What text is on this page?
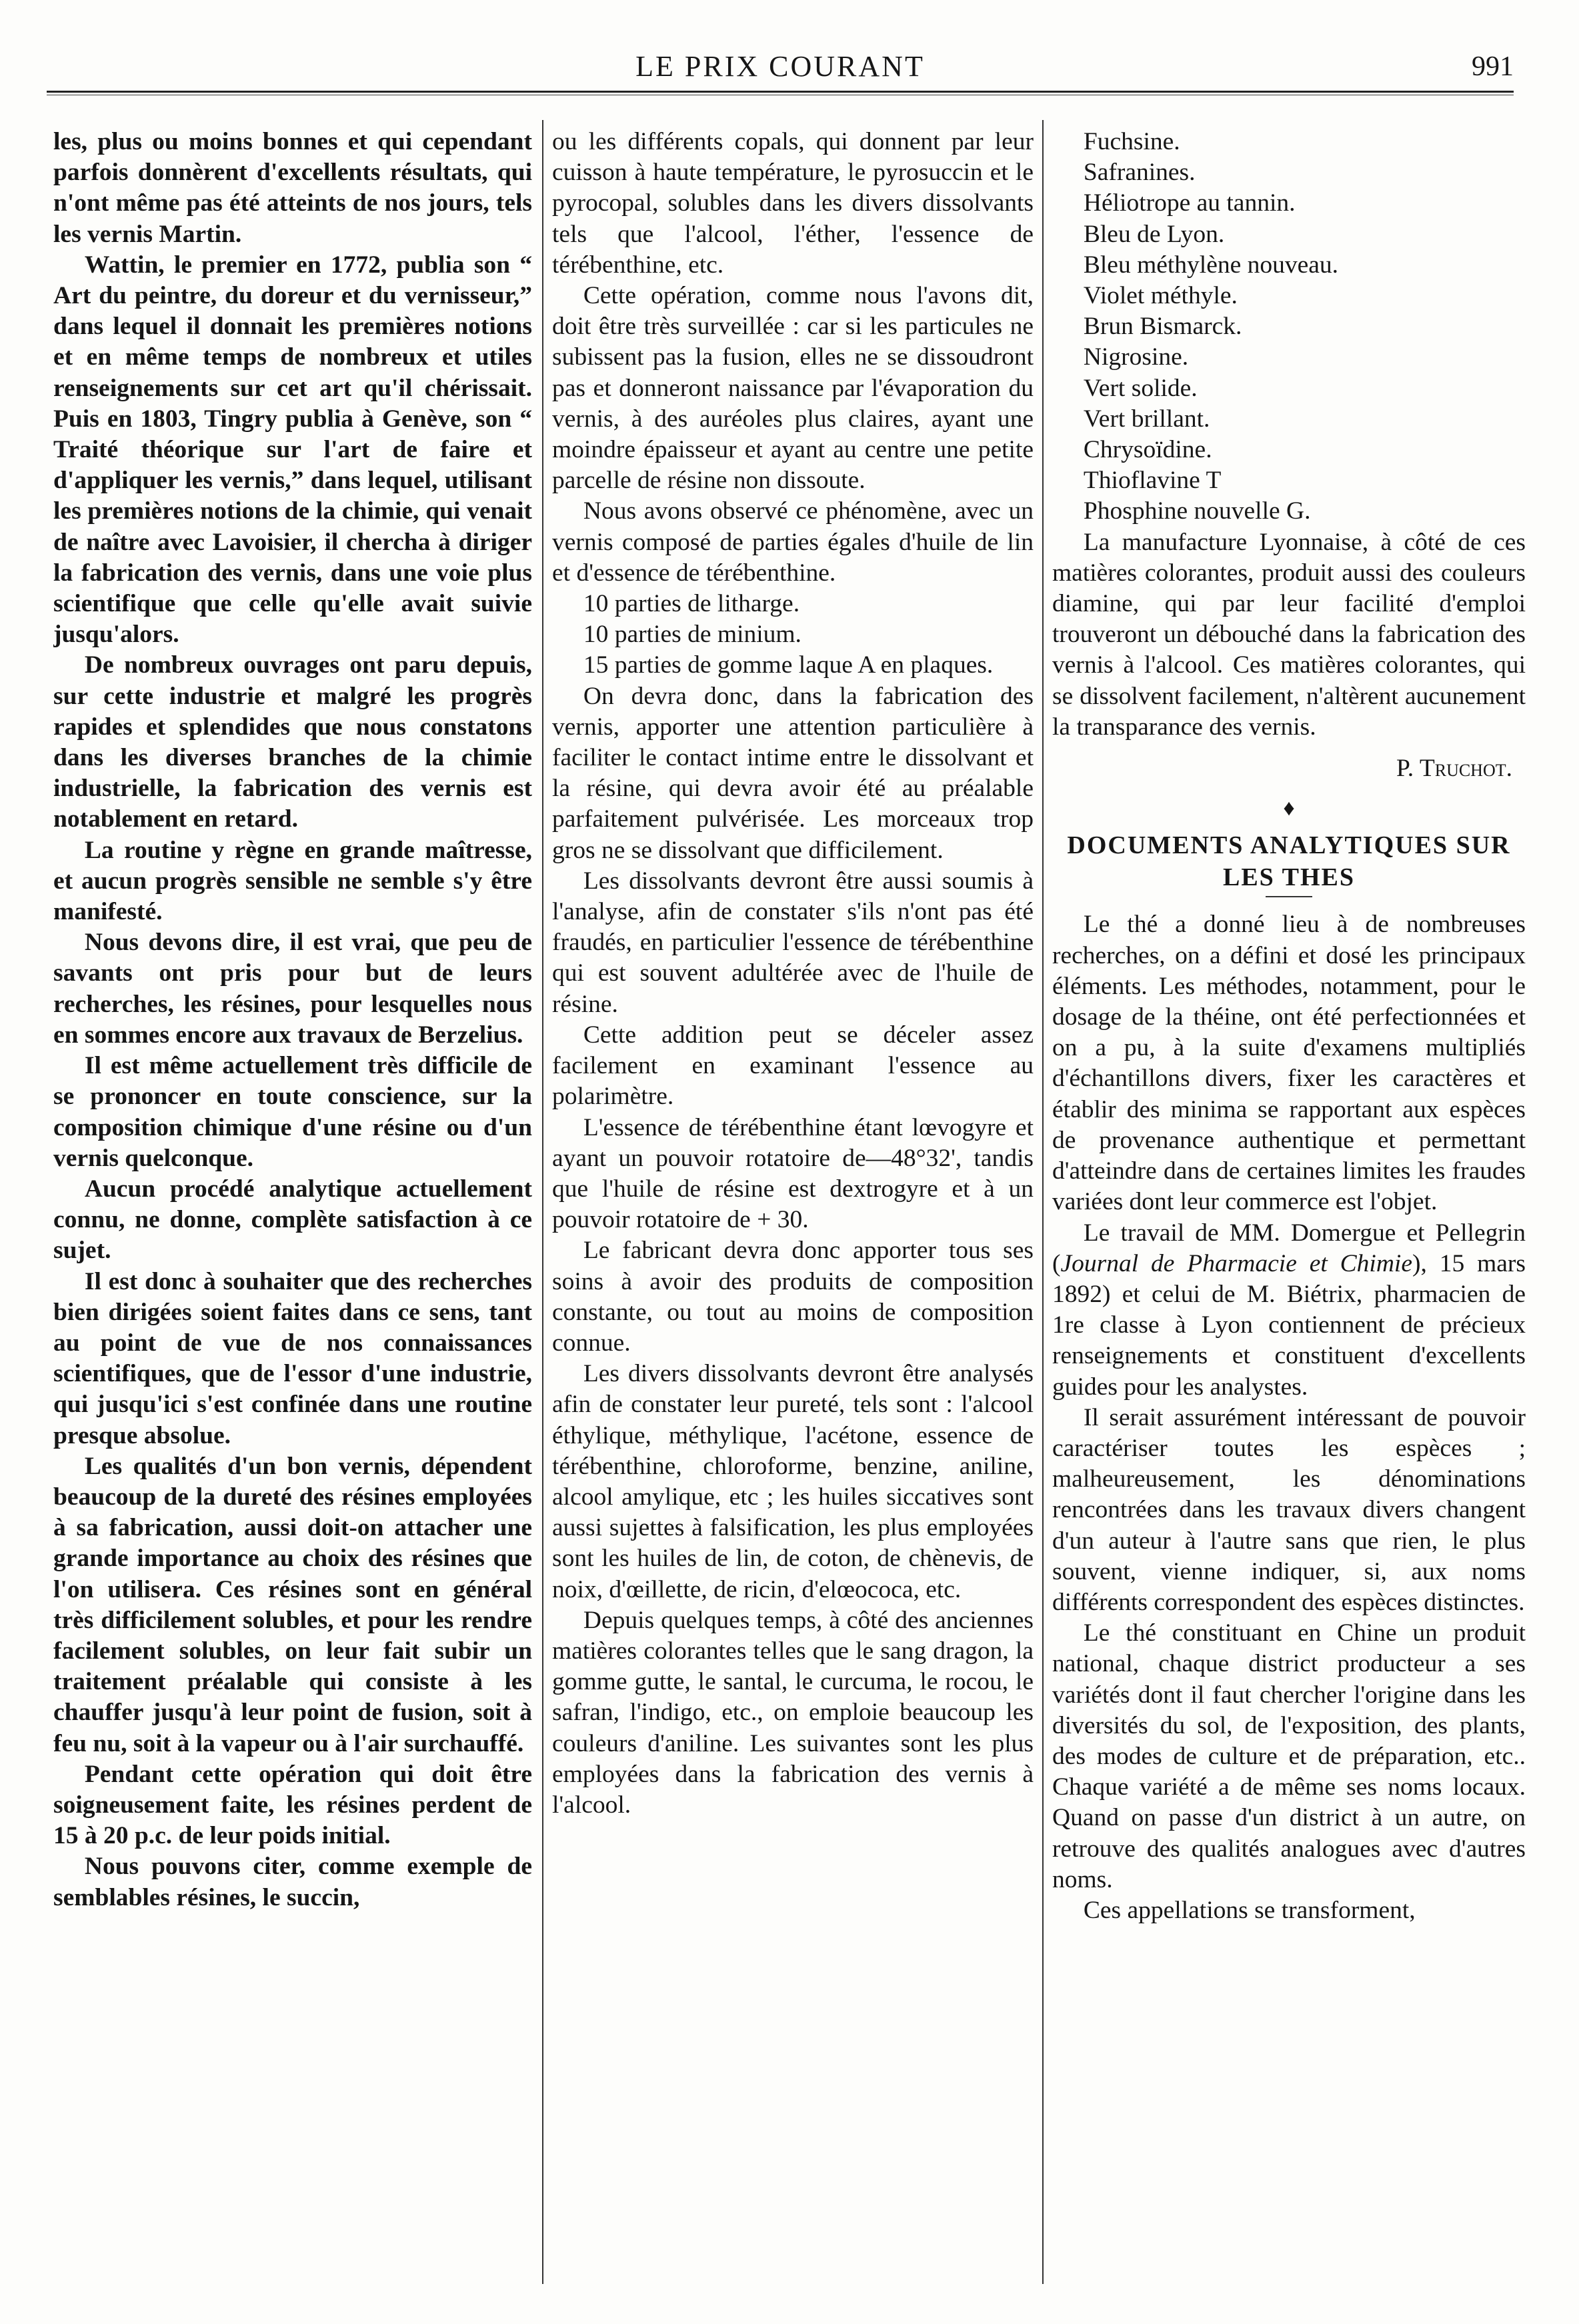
LE PRIX COURANT	991

les, plus ou moins bonnes et qui cependant parfois donnèrent d'excellents résultats, qui n'ont même pas été atteints de nos jours, tels les vernis Martin.

Wattin, le premier en 1772, publia son “ Art du peintre, du doreur et du vernisseur,” dans lequel il donnait les premières notions et en même temps de nombreux et utiles renseignements sur cet art qu'il chérissait. Puis en 1803, Tingry publia à Genève, son “ Traité théorique sur l'art de faire et d'appliquer les vernis,” dans lequel, utilisant les premières notions de la chimie, qui venait de naître avec Lavoisier, il chercha à diriger la fabrication des vernis, dans une voie plus scientifique que celle qu'elle avait suivie jusqu'alors.

De nombreux ouvrages ont paru depuis, sur cette industrie et malgré les progrès rapides et splendides que nous constatons dans les diverses branches de la chimie industrielle, la fabrication des vernis est notablement en retard.

La routine y règne en grande maîtresse, et aucun progrès sensible ne semble s'y être manifesté.

Nous devons dire, il est vrai, que peu de savants ont pris pour but de leurs recherches, les résines, pour lesquelles nous en sommes encore aux travaux de Berzelius.

Il est même actuellement très difficile de se prononcer en toute conscience, sur la composition chimique d'une résine ou d'un vernis quelconque.

Aucun procédé analytique actuellement connu, ne donne, complète satisfaction à ce sujet.

Il est donc à souhaiter que des recherches bien dirigées soient faites dans ce sens, tant au point de vue de nos connaissances scientifiques, que de l'essor d'une industrie, qui jusqu'ici s'est confinée dans une routine presque absolue.

Les qualités d'un bon vernis, dépendent beaucoup de la dureté des résines employées à sa fabrication, aussi doit-on attacher une grande importance au choix des résines que l'on utilisera. Ces résines sont en général très difficilement solubles, et pour les rendre facilement solubles, on leur fait subir un traitement préalable qui consiste à les chauffer jusqu'à leur point de fusion, soit à feu nu, soit à la vapeur ou à l'air surchauffé.

Pendant cette opération qui doit être soigneusement faite, les résines perdent de 15 à 20 p.c. de leur poids initial.

Nous pouvons citer, comme exemple de semblables résines, le succin,

ou les différents copals, qui donnent par leur cuisson à haute température, le pyrosuccin et le pyrocopal, solubles dans les divers dissolvants tels que l'alcool, l'éther, l'essence de térébenthine, etc.

Cette opération, comme nous l'avons dit, doit être très surveillée : car si les particules ne subissent pas la fusion, elles ne se dissoudront pas et donneront naissance par l'évaporation du vernis, à des auréoles plus claires, ayant une moindre épaisseur et ayant au centre une petite parcelle de résine non dissoute.

Nous avons observé ce phénomène, avec un vernis composé de parties égales d'huile de lin et d'essence de térébenthine.

10 parties de litharge.
10 parties de minium.
15 parties de gomme laque A en plaques.

On devra donc, dans la fabrication des vernis, apporter une attention particulière à faciliter le contact intime entre le dissolvant et la résine, qui devra avoir été au préalable parfaitement pulvérisée. Les morceaux trop gros ne se dissolvant que difficilement.

Les dissolvants devront être aussi soumis à l'analyse, afin de constater s'ils n'ont pas été fraudés, en particulier l'essence de térébenthine qui est souvent adultérée avec de l'huile de résine.

Cette addition peut se déceler assez facilement en examinant l'essence au polarimètre.

L'essence de térébenthine étant lœvogyre et ayant un pouvoir rotatoire de—48°32', tandis que l'huile de résine est dextrogyre et à un pouvoir rotatoire de + 30.

Le fabricant devra donc apporter tous ses soins à avoir des produits de composition constante, ou tout au moins de composition connue.

Les divers dissolvants devront être analysés afin de constater leur pureté, tels sont : l'alcool éthylique, méthylique, l'acétone, essence de térébenthine, chloroforme, benzine, aniline, alcool amylique, etc ; les huiles siccatives sont aussi sujettes à falsification, les plus employées sont les huiles de lin, de coton, de chènevis, de noix, d'œillette, de ricin, d'elœococa, etc.

Depuis quelques temps, à côté des anciennes matières colorantes telles que le sang dragon, la gomme gutte, le santal, le curcuma, le rocou, le safran, l'indigo, etc., on emploie beaucoup les couleurs d'aniline. Les suivantes sont les plus employées dans la fabrication des vernis à l'alcool.

Fuchsine.
Safranines.
Héliotrope au tannin.
Bleu de Lyon.
Bleu méthylène nouveau.
Violet méthyle.
Brun Bismarck.
Nigrosine.
Vert solide.
Vert brillant.
Chrysoïdine.
Thioflavine T
Phosphine nouvelle G.

La manufacture Lyonnaise, à côté de ces matières colorantes, produit aussi des couleurs diamine, qui par leur facilité d'emploi trouveront un débouché dans la fabrication des vernis à l'alcool. Ces matières colorantes, qui se dissolvent facilement, n'altèrent aucunement la transparance des vernis.

P. Truchot.
♦
DOCUMENTS ANALYTIQUES SUR LES THES

Le thé a donné lieu à de nombreuses recherches, on a défini et dosé les principaux éléments. Les méthodes, notamment, pour le dosage de la théine, ont été perfectionnées et on a pu, à la suite d'examens multipliés d'échantillons divers, fixer les caractères et établir des minima se rapportant aux espèces de provenance authentique et permettant d'atteindre dans de certaines limites les fraudes variées dont leur commerce est l'objet.

Le travail de MM. Domergue et Pellegrin (Journal de Pharmacie et Chimie), 15 mars 1892) et celui de M. Biétrix, pharmacien de 1re classe à Lyon contiennent de précieux renseignements et constituent d'excellents guides pour les analystes.

Il serait assurément intéressant de pouvoir caractériser toutes les espèces ; malheureusement, les dénominations rencontrées dans les travaux divers changent d'un auteur à l'autre sans que rien, le plus souvent, vienne indiquer, si, aux noms différents correspondent des espèces distinctes.

Le thé constituant en Chine un produit national, chaque district producteur a ses variétés dont il faut chercher l'origine dans les diversités du sol, de l'exposition, des plants, des modes de culture et de préparation, etc.. Chaque variété a de même ses noms locaux. Quand on passe d'un district à un autre, on retrouve des qualités analogues avec d'autres noms.

Ces appellations se transforment,
